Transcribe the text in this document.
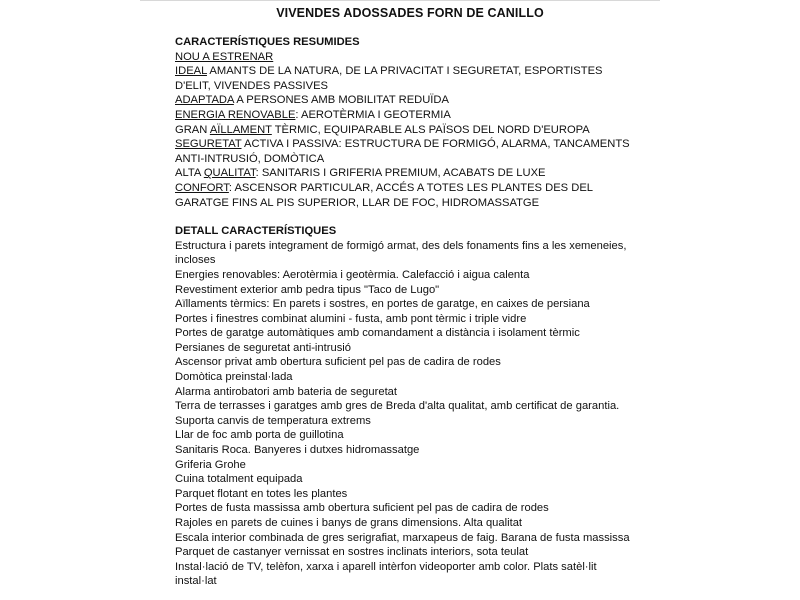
VIVENDES ADOSSADES FORN DE CANILLO
CARACTERÍSTIQUES RESUMIDES
NOU A ESTRENAR
IDEAL AMANTS DE LA NATURA, DE LA PRIVACITAT I SEGURETAT, ESPORTISTES
D'ELIT, VIVENDES PASSIVES
ADAPTADA A PERSONES AMB MOBILITAT REDUÏDA
ENERGIA RENOVABLE: AEROTÈRMIA I GEOTERMIA
GRAN AÏLLAMENT TÈRMIC, EQUIPARABLE ALS PAÏSOS DEL NORD D'EUROPA
SEGURETAT ACTIVA I PASSIVA: ESTRUCTURA DE FORMIGÓ, ALARMA, TANCAMENTS
ANTI-INTRUSIÓ, DOMÒTICA
ALTA QUALITAT: SANITARIS I GRIFERIA PREMIUM, ACABATS DE LUXE
CONFORT: ASCENSOR PARTICULAR, ACCÉS A TOTES LES PLANTES DES DEL
GARATGE FINS AL PIS SUPERIOR, LLAR DE FOC, HIDROMASSATGE
DETALL CARACTERÍSTIQUES
Estructura i parets integrament de formigó armat, des dels fonaments fins a les xemeneies,
incloses
Energies renovables: Aerotèrmia i geotèrmia. Calefacció i aigua calenta
Revestiment exterior amb pedra tipus "Taco de Lugo"
Aïllaments tèrmics: En parets i sostres, en portes de garatge, en caixes de persiana
Portes i finestres combinat alumini - fusta, amb pont tèrmic i triple vidre
Portes de garatge automàtiques amb comandament a distància i isolament tèrmic
Persianes de seguretat anti-intrusió
Ascensor privat amb obertura suficient pel pas de cadira de rodes
Domòtica preinstal·lada
Alarma antirobatori amb bateria de seguretat
Terra de terrasses i garatges amb gres de Breda d'alta qualitat, amb certificat de garantia.
Suporta canvis de temperatura extrems
Llar de foc amb porta de guillotina
Sanitaris Roca. Banyeres i dutxes hidromassatge
Griferia Grohe
Cuina totalment equipada
Parquet flotant en totes les plantes
Portes de fusta massissa amb obertura suficient pel pas de cadira de rodes
Rajoles en parets de cuines i banys de grans dimensions. Alta qualitat
Escala interior combinada de gres serigrafiat, marxapeus de faig. Barana de fusta massissa
Parquet de castanyer vernissat en sostres inclinats interiors, sota teulat
Instal·lació de TV, telèfon, xarxa i aparell intèrfon videoporter amb color. Plats satèl·lit
instal·lat
